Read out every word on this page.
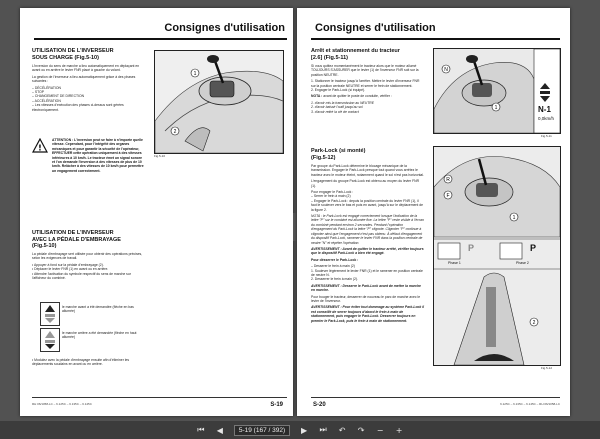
Consignes d'utilisation
UTILISATION DE L'INVERSEUR
SOUS CHARGE (Fig.5-10)

L'inversion du sens de marche a lieu automatiquement en déplaçant en avant ou en arrière le levier FNR placé à gauche du volant.

La gestion de l'inverseur a lieu automatiquement grâce à des phases suivantes :

– DÉCÉLÉRATION
– STOP
– CHANGEMENT DE DIRECTION
– ACCÉLÉRATION
– Les vitesses d'exécution des phases ci-dessus sont gérées électroniquement.

!
ATTENTION : L'inversion peut se faire à n'importe quelle vitesse. Cependant, pour l'intégrité des organes mécaniques et pour garantir la sécurité de l'opérateur, EFFECTUER cette opération uniquement à des vitesses inférieures à 10 km/h. Le tracteur émet un signal sonore et l'on demande l'inversion à des vitesses de plus de 10 km/h. Relâcher à des vitesses de 10 km/h pour permettre un engagement correctement.
1
2
Fig.5-10
UTILISATION DE L'INVERSEUR
AVEC LA PÉDALE D'EMBRAYAGE
(Fig.5-10)

La pédale d'embrayage sert utilisée pour obtenir des opérations précises, selon les exigences de travail.

• Appuyer à fond sur la pédale d'embrayage (2).
• Déplacer le levier FNR (1) en avant ou en arrière.
• Attendre l'activation du symbole respectif du sens de marche sur l'afficheur du combiné.

le marche avant a été demandée (flèche en bas allumée)
le marche arrière a été demandée (flèche en haut allumée)
• Modulez avec la pédale d'embrayage ensuite afin d'éliminer les déplacements soudains en avant ou en arrière.
RH 06/1058-LC – 6.125C – 6.135C – 6.145C	S-19
Consignes d'utilisation
Arrêt et stationnement du tracteur
[2.6] (Fig.5-11)

Si vous quittez momentanément le tracteur alors que le moteur allumé TOUJOURS S'ASSURER que le levier (1) de l'inverseur FNR soit sur la position NEUTRE.

1. Stationner le tracteur jusqu'à l'arrêter. Mettre le levier d'inverseur FNR sur la position centrale NEUTRE et serrer le frein de stationnement.
2. Engager le Park-Lock (si équipé).

NOTA : avant de quitter le poste de conduite, vérifier :

1. d'avoir mis la transmission au NEUTRE
2. d'avoir baissé l'outil jusqu'au sol
3. d'avoir retiré la clé de contact

N
1	N-1
0,0km/h
Fig.5-11
Park-Lock (si monté)
(Fig.5-12)

Par groupe du Park-Lock détermine le blocage mécanique de la transmission. Engager le Park-Lock presque tout quand vous arrêtez le tracteur avec le moteur éteint, notamment quand le sol n'est pas horizontal.

L'engagement du groupe Park-Lock est obtenu au moyen du levier FNR (1).

Pour engager le Park-Lock :
– Serrer le frein à main (2)
– Engager le Park-Lock : depuis la position centrale du levier FNR (1), il faut le soulever vers le bas et puis en avant, jusqu'à sur le déplacement de la figure 2.

NOTA : le Park-Lock est engagé correctement lorsque l'indication de la lettre "P" sur le combiné est allumée fixe. La lettre "P" reste visible à l'écran du combiné pendant environ 2 secondes. Pendant l'opération d'engagement du Park-Lock la lettre "P" clignote. Clignoter "P" continue à clignoter ainsi que l'engagement n'est pas obtenu. À défaut d'engagement du dispositif Park-Lock, ramener le levier FNR dans la position centrale de neutre "N" et répéter l'opération.

AVERTISSEMENT : Avant de quitter le tracteur arrêté, vérifier toujours que le dispositif Park-Lock a bien été engagé.

Pour désserrer le Park-Lock :

– Desserer le frein à main (2)
1. Soulever légèrement le levier FNR (1) et le ramener en position centrale de neutre N.
2. Desserrer le frein à main (2).

AVERTISSEMENT : Desserre le Park-Lock avant de mettre la marche en marche.

Pour bouger le tracteur, desserrer de nouveau le parc de marche avec le levier de l'inverseur.

AVERTISSEMENT : Pour éviter tout dommage au système Park-Lock il est conseillé de serrer toujours d'abord le frein à main de stationnement, puis engager le Park-Lock. Desserrer toujours en premier le Park-Lock, puis le frein à main de stationnement.

R
F
1
2
P	P
Phase 1	Phase 2
Fig.5-12
S-20	6.125C – 6.135C – 6.145C – RH 06/1058-LC
⏮ ◀	5-19 (167 / 392)	▶ ⏭ ↶ ↷ − +
